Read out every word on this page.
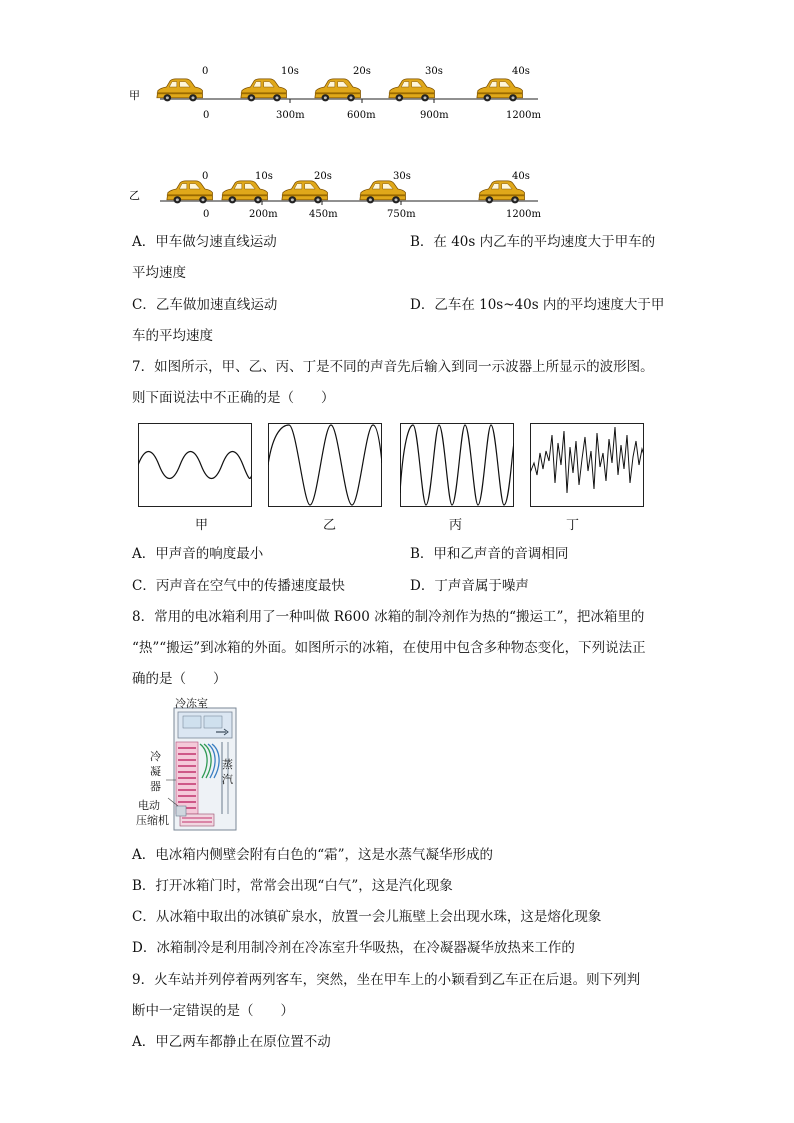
甲
0	10s	20s	30s	40s
0	300m	600m	900m	1200m
乙
0	10s	20s	30s	40s
0	200m	450m	750m	1200m
A．甲车做匀速直线运动	B．在 40s 内乙车的平均速度大于甲车的
平均速度
C．乙车做加速直线运动	D．乙车在 10s~40s 内的平均速度大于甲
车的平均速度
7．如图所示，甲、乙、丙、丁是不同的声音先后输入到同一示波器上所显示的波形图。
则下面说法中不正确的是（　　）
甲	乙	丙	丁
A．甲声音的响度最小	B．甲和乙声音的音调相同
C．丙声音在空气中的传播速度最快	D．丁声音属于噪声
8．常用的电冰箱利用了一种叫做 R600 冰箱的制冷剂作为热的“搬运工”，把冰箱里的
“热”“搬运”到冰箱的外面。如图所示的冰箱，在使用中包含多种物态变化，下列说法正
确的是（　　）
冷冻室
冷
凝
器
蒸
汽
电动
压缩机
A．电冰箱内侧壁会附有白色的“霜”，这是水蒸气凝华形成的
B．打开冰箱门时，常常会出现“白气”，这是汽化现象
C．从冰箱中取出的冰镇矿泉水，放置一会儿瓶壁上会出现水珠，这是熔化现象
D．冰箱制冷是利用制冷剂在冷冻室升华吸热，在冷凝器凝华放热来工作的
9．火车站并列停着两列客车，突然，坐在甲车上的小颖看到乙车正在后退。则下列判
断中一定错误的是（　　）
A．甲乙两车都静止在原位置不动
